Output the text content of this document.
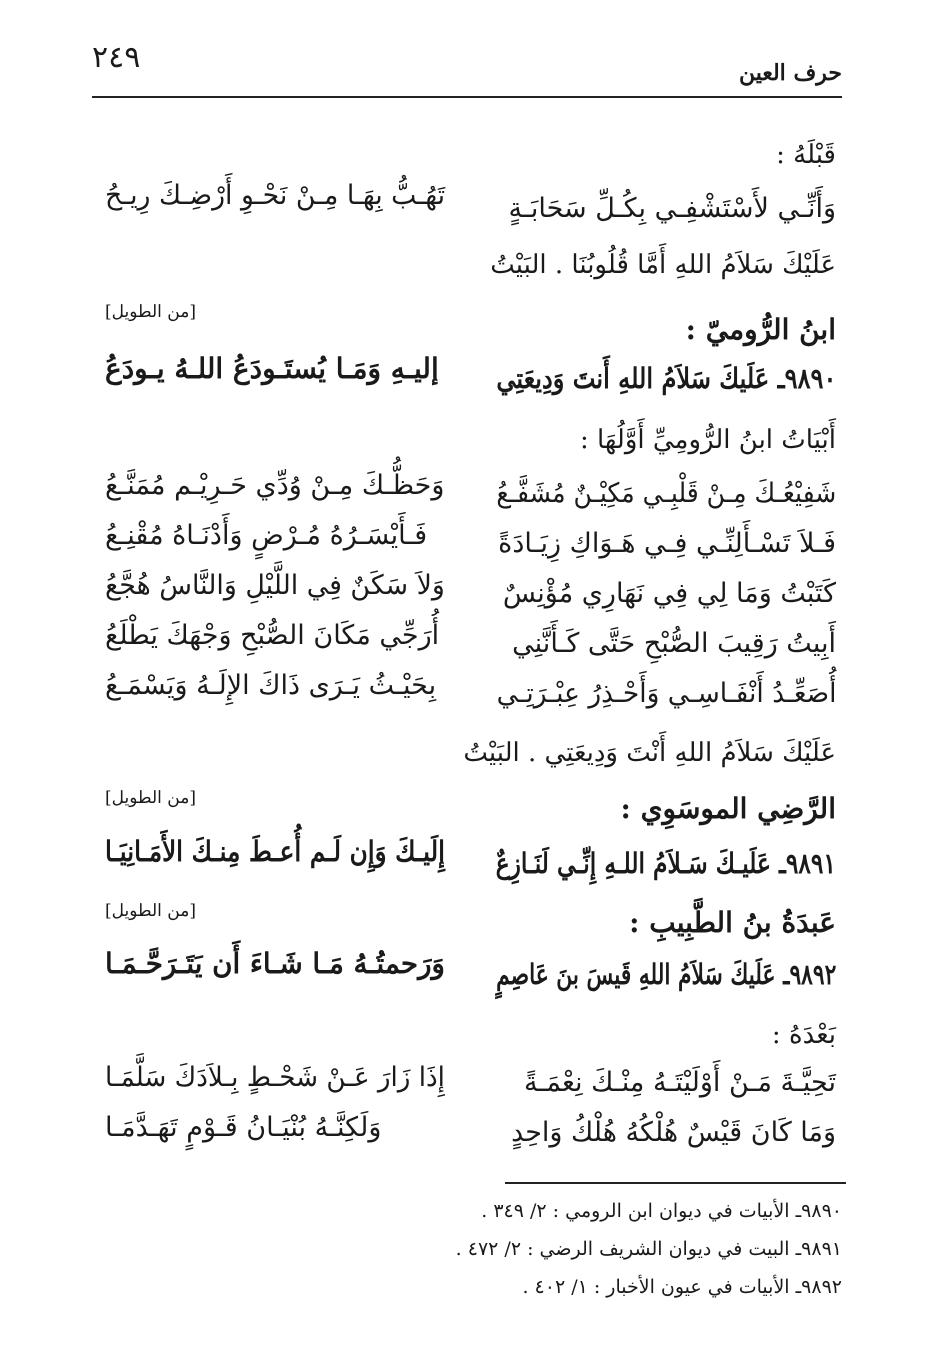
٢٤٩	حرف العين
قَبْلَهُ :
وَأَنِّـي لأَسْتَشْفِـي بِكُـلِّ سَحَابَـةٍ
تَهُـبُّ بِهَـا مِـنْ نَحْـوِ أَرْضِـكَ رِيـحُ
عَلَيْكَ سَلاَمُ اللهِ أَمَّا قُلُوبُنَا . البَيْتُ
[من الطويل]
ابنُ الرُّوميّ :
٩٨٩٠ـ عَلَيكَ سَلاَمُ اللهِ أَنتَ وَدِيعَتِي
إليـهِ وَمَـا يُستَـودَعُ اللـهُ يـودَعُ
أَبْيَاتُ ابنُ الرُّومِيِّ أَوَّلُهَا :
شَفِيْعُـكَ مِـنْ قَلْبِـي مَكِيْـنٌ مُشَفَّـعُ
وَحَظُّـكَ مِـنْ وُدِّي حَـرِيْـم مُمَنَّـعُ
فَـلاَ تَسْـأَلِنِّـي فِـي هَـوَاكِ زِيَـادَةً
فَـأَيْسَـرُهُ مُـرْضٍ وَأَدْنَـاهُ مُقْنِـعُ
كَتَبْتُ وَمَا لِي فِي نَهَارِي مُؤْنِسٌ
وَلاَ سَكَنٌ فِي اللَّيْلِ وَالنَّاسُ هُجَّعُ
أَبِيتُ رَقِيبَ الصُّبْحِ حَتَّى كَـأَنَّنِي
أُرَجِّي مَكَانَ الصُّبْحِ وَجْهَكَ يَطْلَعُ
أُصَعِّـدُ أَنْفَـاسِـي وَأَحْـذِرُ عِبْـرَتِـي
بِحَيْـثُ يَـرَى ذَاكَ الإِلَـهُ وَيَسْمَـعُ
عَلَيْكَ سَلاَمُ اللهِ أَنْتَ وَدِيعَتِي . البَيْتُ
[من الطويل]	الرَّضِي الموسَوِي :
٩٨٩١ـ عَلَيـكَ سَـلاَمُ اللـهِ إِنِّـي لَنَـازِعٌ
إِلَيـكَ وَإِن لَـم أُعـطَ مِنـكَ الأَمَـانِيَـا
[من الطويل]	عَبدَةُ بنُ الطَّبِيبِ :
٩٨٩٢ـ عَلَيكَ سَلاَمُ اللهِ قَيسَ بنَ عَاصِمٍ
وَرَحمتُـهُ مَـا شَـاءَ أَن يَتَـرَحَّـمَـا
بَعْدَهُ :
تَحِيَّـةَ مَـنْ أَوْلَيْتَـهُ مِنْـكَ نِعْمَـةً
إِذَا زَارَ عَـنْ شَحْـطٍ بِـلاَدَكَ سَلَّمَـا
وَمَا كَانَ قَيْسٌ هُلْكُهُ هُلْكُ وَاحِدٍ
وَلَكِنَّـهُ بُنْيَـانُ قَـوْمٍ تَهَـدَّمَـا
٩٨٩٠ـ الأبيات في ديوان ابن الرومي : ٢/ ٣٤٩ .
٩٨٩١ـ البيت في ديوان الشريف الرضي : ٢/ ٤٧٢ .
٩٨٩٢ـ الأبيات في عيون الأخبار : ١/ ٤٠٢ .
